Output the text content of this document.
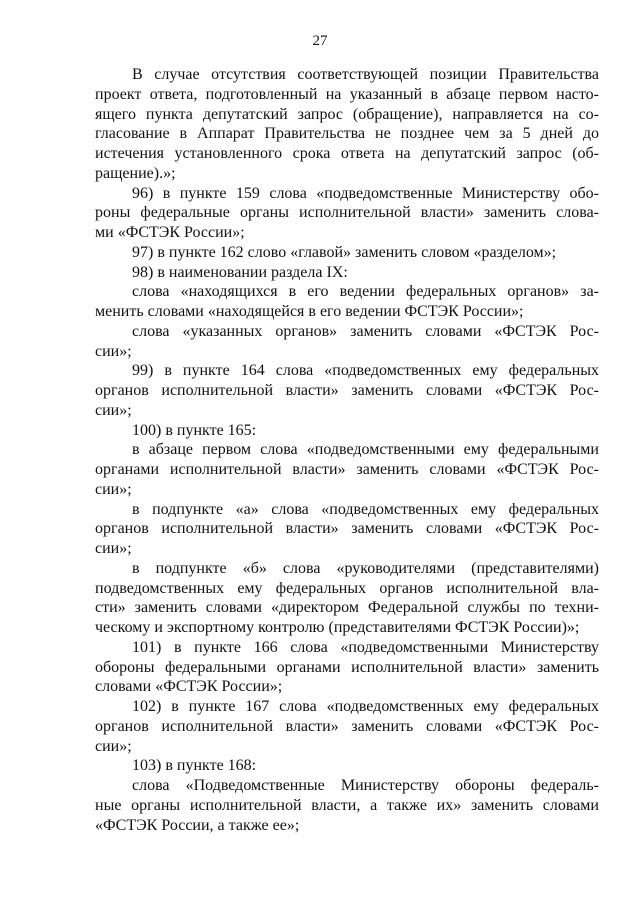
27
В случае отсутствия соответствующей позиции Правительства
проект ответа, подготовленный на указанный в абзаце первом насто-
ящего пункта депутатский запрос (обращение), направляется на со-
гласование в Аппарат Правительства не позднее чем за 5 дней до
истечения установленного срока ответа на депутатский запрос (об-
ращение).»;
96) в пункте 159 слова «подведомственные Министерству обо-
роны федеральные органы исполнительной власти» заменить слова-
ми «ФСТЭК России»;
97) в пункте 162 слово «главой» заменить словом «разделом»;
98) в наименовании раздела IX:
слова «находящихся в его ведении федеральных органов» за-
менить словами «находящейся в его ведении ФСТЭК России»;
слова «указанных органов» заменить словами «ФСТЭК Рос-
сии»;
99) в пункте 164 слова «подведомственных ему федеральных
органов исполнительной власти» заменить словами «ФСТЭК Рос-
сии»;
100) в пункте 165:
в абзаце первом слова «подведомственными ему федеральными
органами исполнительной власти» заменить словами «ФСТЭК Рос-
сии»;
в подпункте «а» слова «подведомственных ему федеральных
органов исполнительной власти» заменить словами «ФСТЭК Рос-
сии»;
в подпункте «б» слова «руководителями (представителями)
подведомственных ему федеральных органов исполнительной вла-
сти» заменить словами «директором Федеральной службы по техни-
ческому и экспортному контролю (представителями ФСТЭК России)»;
101) в пункте 166 слова «подведомственными Министерству
обороны федеральными органами исполнительной власти» заменить
словами «ФСТЭК России»;
102) в пункте 167 слова «подведомственных ему федеральных
органов исполнительной власти» заменить словами «ФСТЭК Рос-
сии»;
103) в пункте 168:
слова «Подведомственные Министерству обороны федераль-
ные органы исполнительной власти, а также их» заменить словами
«ФСТЭК России, а также ее»;
